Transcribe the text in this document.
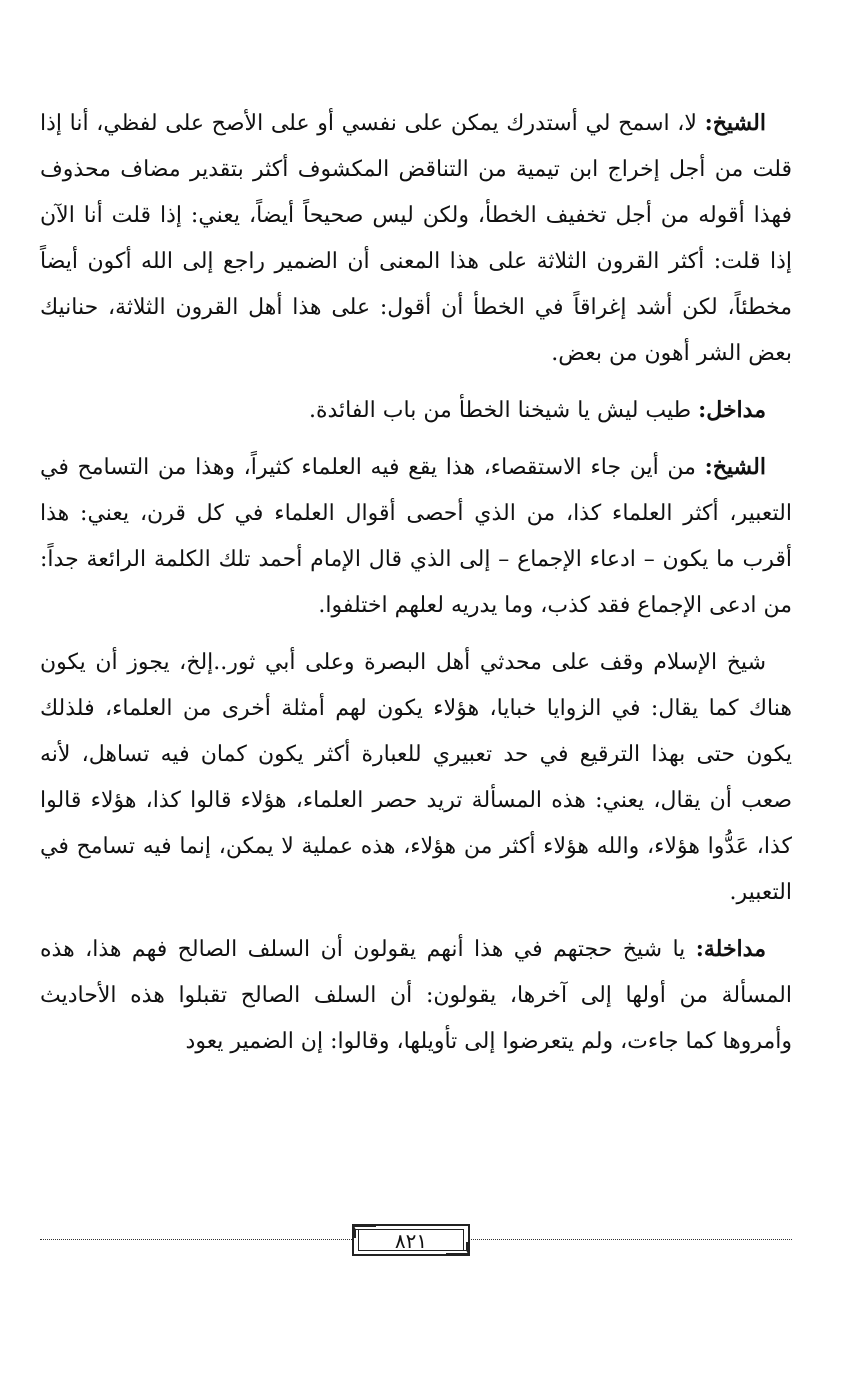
الشيخ: لا، اسمح لي أستدرك يمكن على نفسي أو على الأصح على لفظي، أنا إذا قلت من أجل إخراج ابن تيمية من التناقض المكشوف أكثر بتقدير مضاف محذوف فهذا أقوله من أجل تخفيف الخطأ، ولكن ليس صحيحاً أيضاً، يعني: إذا قلت أنا الآن إذا قلت: أكثر القرون الثلاثة على هذا المعنى أن الضمير راجع إلى الله أكون أيضاً مخطئاً، لكن أشد إغراقاً في الخطأ أن أقول: على هذا أهل القرون الثلاثة، حنانيك بعض الشر أهون من بعض.

مداخل: طيب ليش يا شيخنا الخطأ من باب الفائدة.

الشيخ: من أين جاء الاستقصاء، هذا يقع فيه العلماء كثيراً، وهذا من التسامح في التعبير، أكثر العلماء كذا، من الذي أحصى أقوال العلماء في كل قرن، يعني: هذا أقرب ما يكون – ادعاء الإجماع – إلى الذي قال الإمام أحمد تلك الكلمة الرائعة جداً: من ادعى الإجماع فقد كذب، وما يدريه لعلهم اختلفوا.

شيخ الإسلام وقف على محدثي أهل البصرة وعلى أبي ثور..إلخ، يجوز أن يكون هناك كما يقال: في الزوايا خبايا، هؤلاء يكون لهم أمثلة أخرى من العلماء، فلذلك يكون حتى بهذا الترقيع في حد تعبيري للعبارة أكثر يكون كمان فيه تساهل، لأنه صعب أن يقال، يعني: هذه المسألة تريد حصر العلماء، هؤلاء قالوا كذا، هؤلاء قالوا كذا، عَدُّوا هؤلاء، والله هؤلاء أكثر من هؤلاء، هذه عملية لا يمكن، إنما فيه تسامح في التعبير.

مداخلة: يا شيخ حجتهم في هذا أنهم يقولون أن السلف الصالح فهم هذا، هذه المسألة من أولها إلى آخرها، يقولون: أن السلف الصالح تقبلوا هذه الأحاديث وأمروها كما جاءت، ولم يتعرضوا إلى تأويلها، وقالوا: إن الضمير يعود

٨٢١
